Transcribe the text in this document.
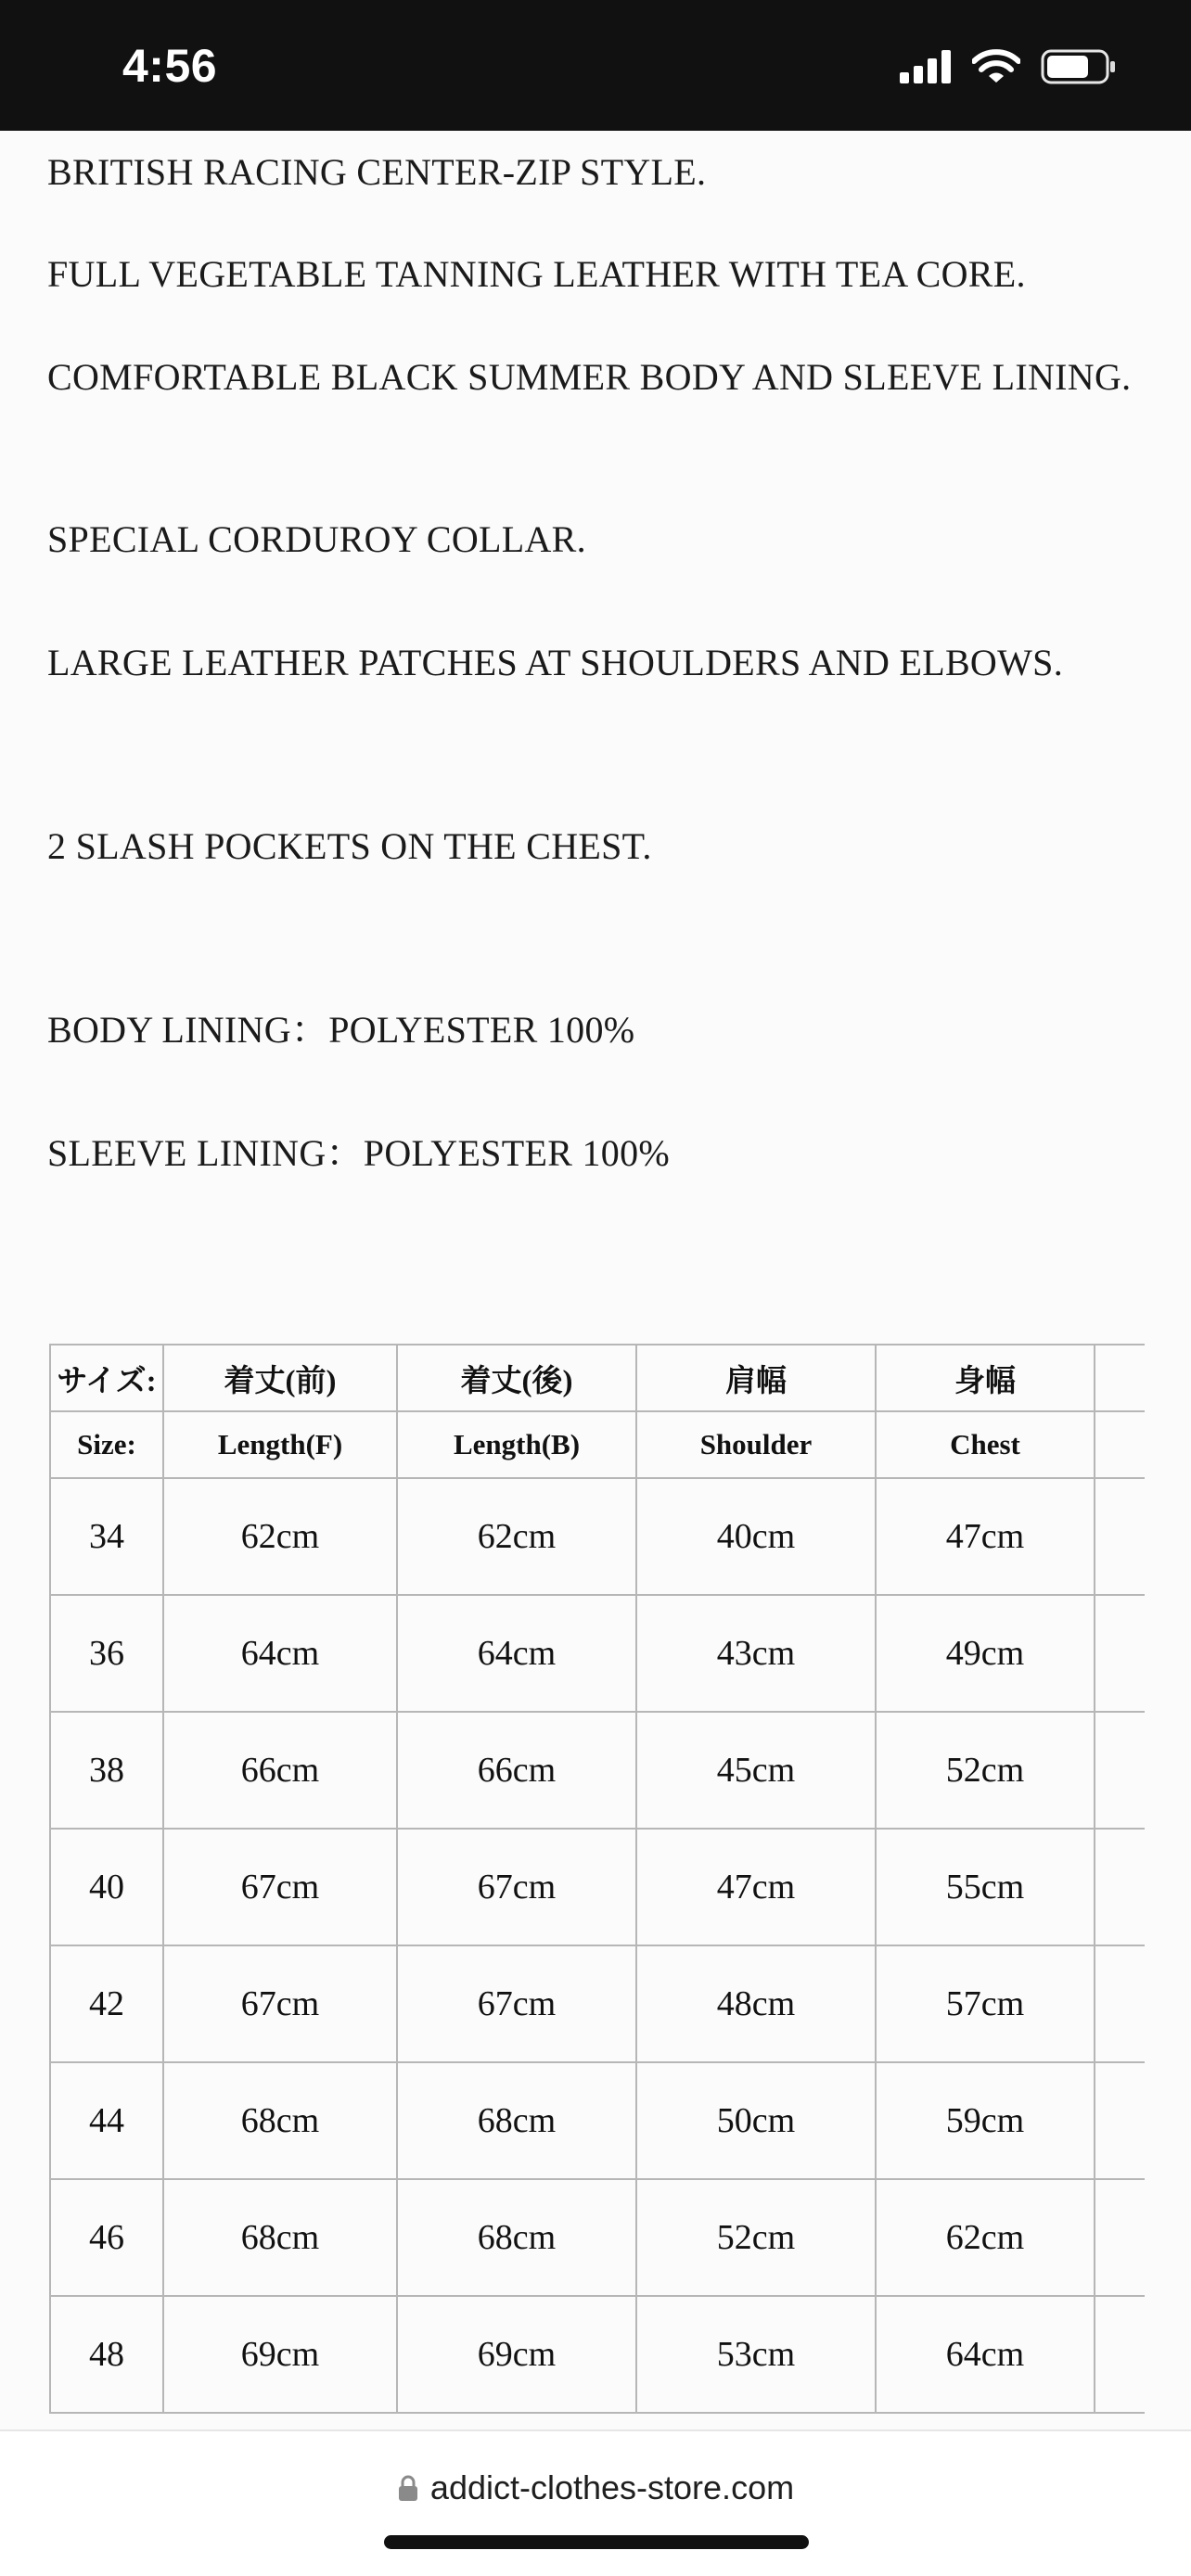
4:56

BRITISH RACING CENTER-ZIP STYLE.

FULL VEGETABLE TANNING LEATHER WITH TEA CORE.

COMFORTABLE BLACK SUMMER BODY AND SLEEVE LINING.

SPECIAL CORDUROY COLLAR.

LARGE LEATHER PATCHES AT SHOULDERS AND ELBOWS.

2 SLASH POCKETS ON THE CHEST.

BODY LINING：POLYESTER 100%

SLEEVE LINING：POLYESTER 100%

サイズ:	着丈(前)	着丈(後)	肩幅	身幅	
Size:	Length(F)	Length(B)	Shoulder	Chest	
34	62cm	62cm	40cm	47cm	
36	64cm	64cm	43cm	49cm	
38	66cm	66cm	45cm	52cm	
40	67cm	67cm	47cm	55cm	
42	67cm	67cm	48cm	57cm	
44	68cm	68cm	50cm	59cm	
46	68cm	68cm	52cm	62cm	
48	69cm	69cm	53cm	64cm	
addict-clothes-store.com
